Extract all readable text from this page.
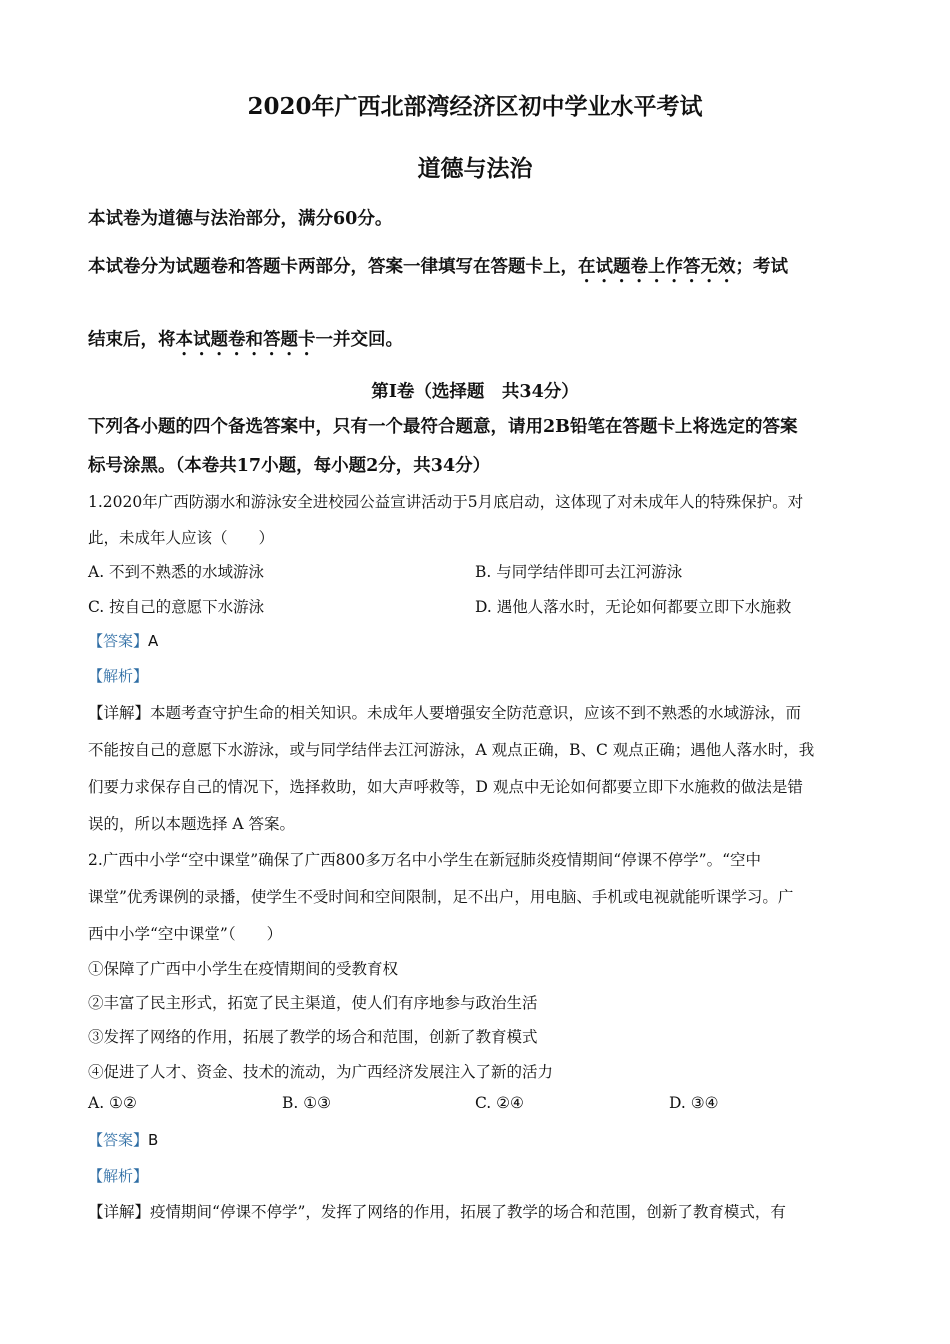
2020年广西北部湾经济区初中学业水平考试
道德与法治
本试卷为道德与法治部分，满分60分。
本试卷分为试题卷和答题卡两部分，答案一律填写在答题卡上，在试题卷上作答无效；考试
结束后，将本试题卷和答题卡一并交回。
第Ⅰ卷（选择题　共34分）
下列各小题的四个备选答案中，只有一个最符合题意，请用2B铅笔在答题卡上将选定的答案
标号涂黑。（本卷共17小题，每小题2分，共34分）
1.2020年广西防溺水和游泳安全进校园公益宣讲活动于5月底启动，这体现了对未成年人的特殊保护。对
此，未成年人应该（　　）
A. 不到不熟悉的水域游泳	B. 与同学结伴即可去江河游泳
C. 按自己的意愿下水游泳	D. 遇他人落水时，无论如何都要立即下水施救
【答案】A
【解析】
【详解】本题考查守护生命的相关知识。未成年人要增强安全防范意识，应该不到不熟悉的水域游泳，而
不能按自己的意愿下水游泳，或与同学结伴去江河游泳，A 观点正确，B、C 观点正确；遇他人落水时，我
们要力求保存自己的情况下，选择救助，如大声呼救等，D 观点中无论如何都要立即下水施救的做法是错
误的，所以本题选择 A 答案。
2.广西中小学“空中课堂”确保了广西800多万名中小学生在新冠肺炎疫情期间“停课不停学”。“空中
课堂”优秀课例的录播，使学生不受时间和空间限制，足不出户，用电脑、手机或电视就能听课学习。广
西中小学“空中课堂”（　　）
①保障了广西中小学生在疫情期间的受教育权
②丰富了民主形式，拓宽了民主渠道，使人们有序地参与政治生活
③发挥了网络的作用，拓展了教学的场合和范围，创新了教育模式
④促进了人才、资金、技术的流动，为广西经济发展注入了新的活力
A. ①②	B. ①③	C. ②④	D. ③④
【答案】B
【解析】
【详解】疫情期间“停课不停学”，发挥了网络的作用，拓展了教学的场合和范围，创新了教育模式，有
